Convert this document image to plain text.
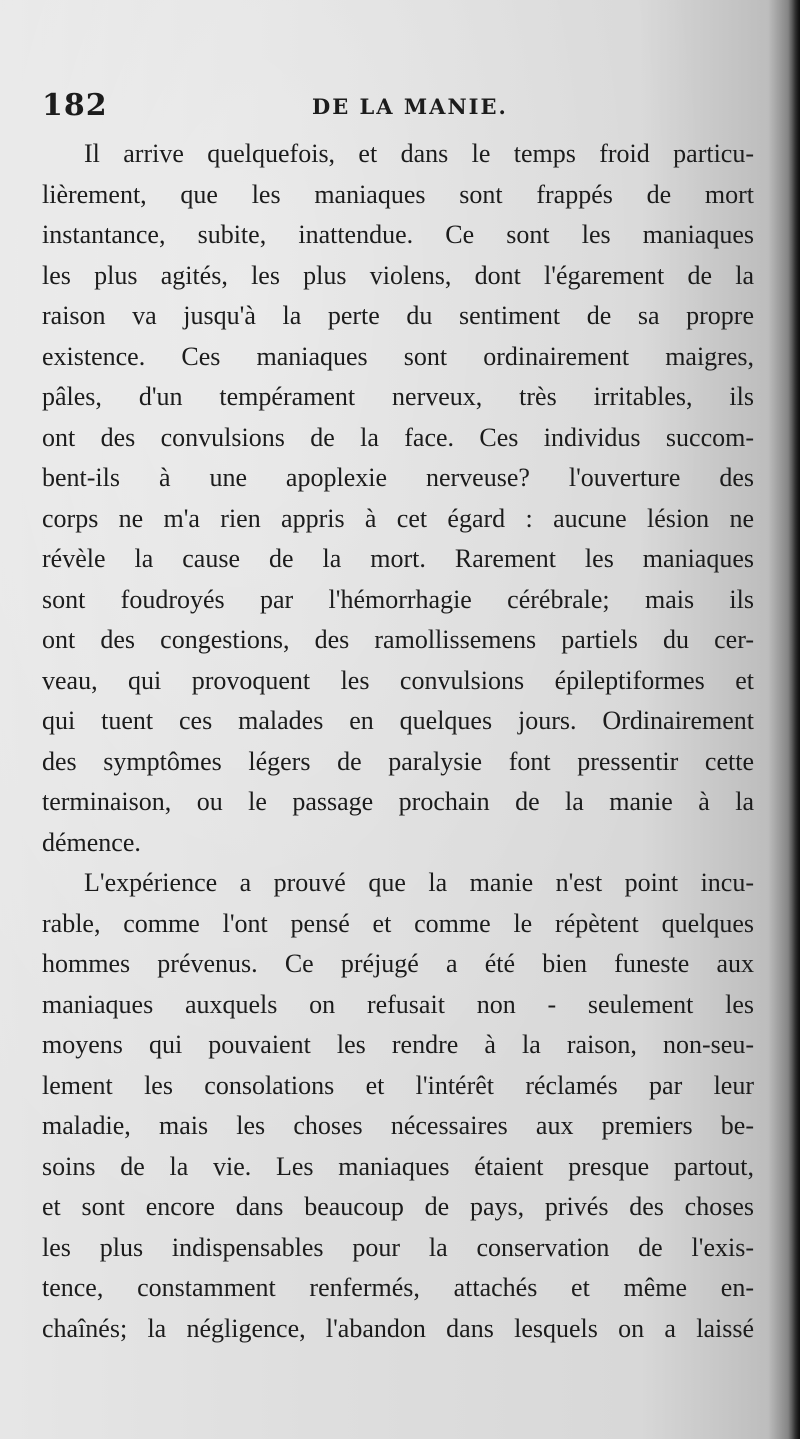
182	DE LA MANIE.
Il arrive quelquefois, et dans le temps froid particu-
lièrement, que les maniaques sont frappés de mort
instantance, subite, inattendue. Ce sont les maniaques
les plus agités, les plus violens, dont l'égarement de la
raison va jusqu'à la perte du sentiment de sa propre
existence. Ces maniaques sont ordinairement maigres,
pâles, d'un tempérament nerveux, très irritables, ils
ont des convulsions de la face. Ces individus succom-
bent-ils à une apoplexie nerveuse? l'ouverture des
corps ne m'a rien appris à cet égard : aucune lésion ne
révèle la cause de la mort. Rarement les maniaques
sont foudroyés par l'hémorrhagie cérébrale; mais ils
ont des congestions, des ramollissemens partiels du cer-
veau, qui provoquent les convulsions épileptiformes et
qui tuent ces malades en quelques jours. Ordinairement
des symptômes légers de paralysie font pressentir cette
terminaison, ou le passage prochain de la manie à la
démence.
L'expérience a prouvé que la manie n'est point incu-
rable, comme l'ont pensé et comme le répètent quelques
hommes prévenus. Ce préjugé a été bien funeste aux
maniaques auxquels on refusait non - seulement les
moyens qui pouvaient les rendre à la raison, non-seu-
lement les consolations et l'intérêt réclamés par leur
maladie, mais les choses nécessaires aux premiers be-
soins de la vie. Les maniaques étaient presque partout,
et sont encore dans beaucoup de pays, privés des choses
les plus indispensables pour la conservation de l'exis-
tence, constamment renfermés, attachés et même en-
chaînés; la négligence, l'abandon dans lesquels on a laissé
